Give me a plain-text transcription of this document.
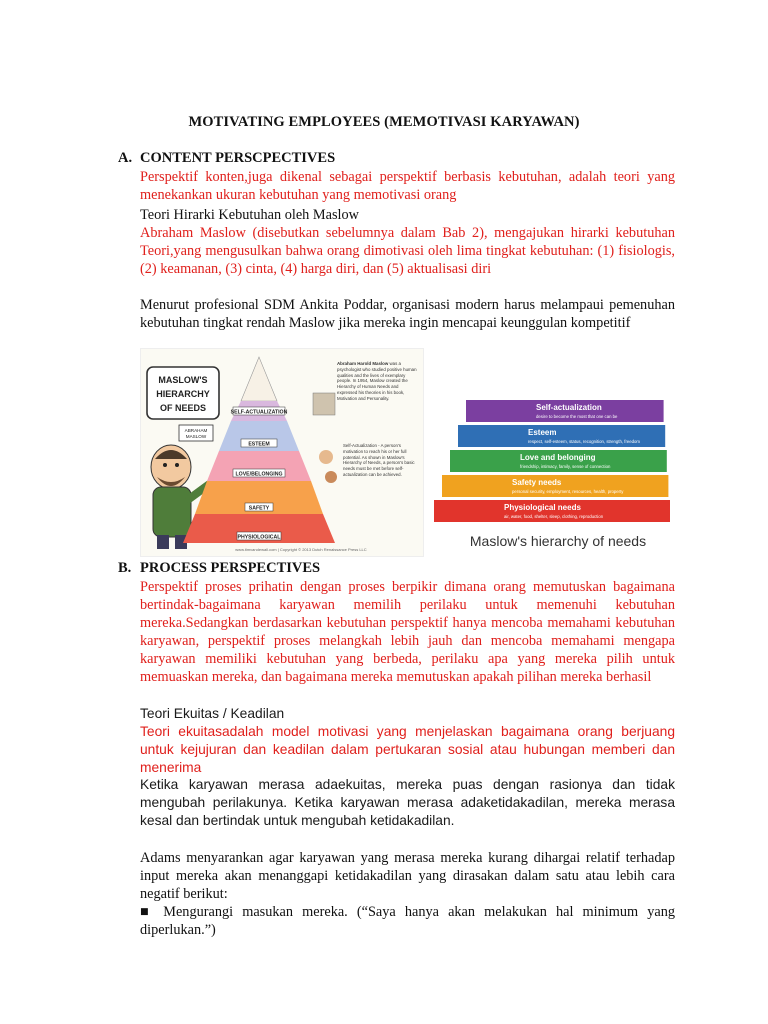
MOTIVATING EMPLOYEES (MEMOTIVASI KARYAWAN)
A. CONTENT PERSCPECTIVES
Perspektif konten,juga dikenal sebagai perspektif berbasis kebutuhan, adalah teori yang menekankan ukuran kebutuhan yang memotivasi orang
Teori Hirarki Kebutuhan oleh Maslow
Abraham Maslow (disebutkan sebelumnya dalam Bab 2), mengajukan hirarki kebutuhan Teori,yang mengusulkan bahwa orang dimotivasi oleh lima tingkat kebutuhan: (1) fisiologis, (2) keamanan, (3) cinta, (4) harga diri, dan (5) aktualisasi diri
Menurut profesional SDM Ankita Poddar, organisasi modern harus melampaui pemenuhan kebutuhan tingkat rendah Maslow jika mereka ingin mencapai keunggulan kompetitif
MASLOW'S
HIERARCHY
OF NEEDS
ABRAHAM
MASLOW
SELF-ACTUALIZATION
ESTEEM
LOVE/BELONGING
SAFETY
PHYSIOLOGICAL
Abraham Harold Maslow was a psychologist who studied positive human qualities and the lives of exemplary people. In 1954, Maslow created the Hierarchy of Human Needs and expressed his theories in his book, Motivation and Personality.
Self-Actualization - A person's motivation to reach his or her full potential. As shown in Maslow's Hierarchy of Needs, a person's basic needs must be met before self-actualization can be achieved.
www.timvandewall.com | Copyright © 2013 Dutch Renaissance Press LLC
Self-actualization
desire to become the most that one can be
Esteem
respect, self-esteem, status, recognition, strength, freedom
Love and belonging
friendship, intimacy, family, sense of connection
Safety needs
personal security, employment, resources, health, property
Physiological needs
air, water, food, shelter, sleep, clothing, reproduction
Maslow's hierarchy of needs
B. PROCESS PERSPECTIVES
Perspektif proses prihatin dengan proses berpikir dimana orang memutuskan bagaimana bertindak-bagaimana karyawan memilih perilaku untuk memenuhi kebutuhan mereka.Sedangkan berdasarkan kebutuhan perspektif hanya mencoba memahami kebutuhan karyawan, perspektif proses melangkah lebih jauh dan mencoba memahami mengapa karyawan memiliki kebutuhan yang berbeda, perilaku apa yang mereka pilih untuk memuaskan mereka, dan bagaimana mereka memutuskan apakah pilihan mereka berhasil
Teori Ekuitas / Keadilan
Teori ekuitasadalah model motivasi yang menjelaskan bagaimana orang berjuang untuk kejujuran dan keadilan dalam pertukaran sosial atau hubungan memberi dan menerima
Ketika karyawan merasa adaekuitas, mereka puas dengan rasionya dan tidak mengubah perilakunya. Ketika karyawan merasa adaketidakadilan, mereka merasa kesal dan bertindak untuk mengubah ketidakadilan.
Adams menyarankan agar karyawan yang merasa mereka kurang dihargai relatif terhadap input mereka akan menanggapi ketidakadilan yang dirasakan dalam satu atau lebih cara negatif berikut:
■ Mengurangi masukan mereka. (“Saya hanya akan melakukan hal minimum yang diperlukan.”)
